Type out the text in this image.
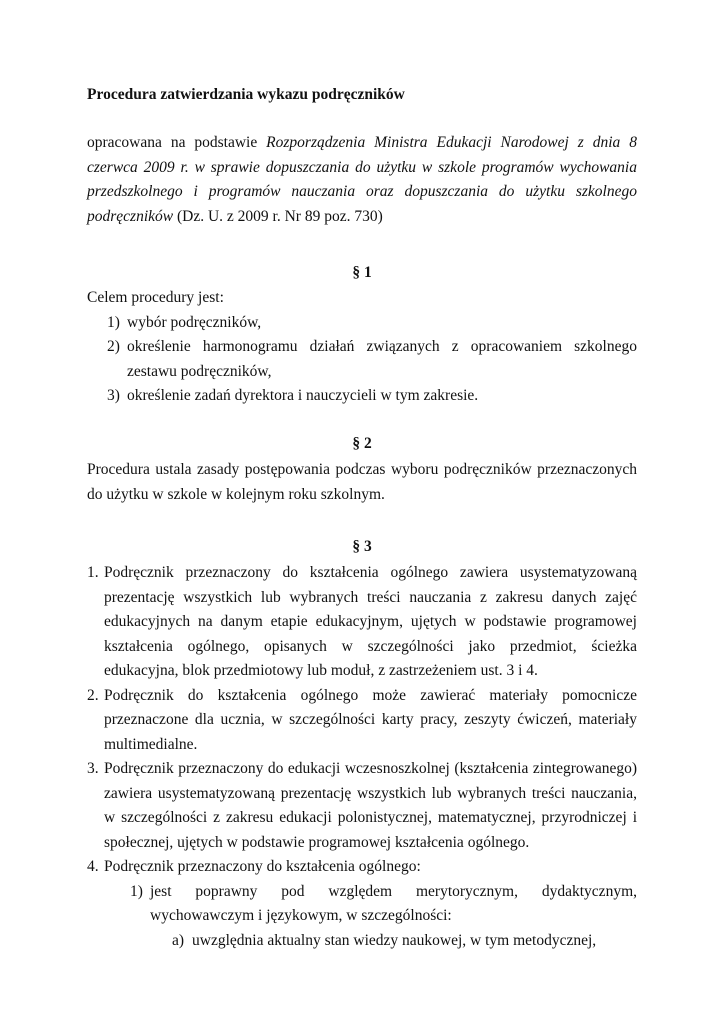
Procedura zatwierdzania wykazu podręczników
opracowana na podstawie Rozporządzenia Ministra Edukacji Narodowej z dnia 8 czerwca 2009 r. w sprawie dopuszczania do użytku w szkole programów wychowania przedszkolnego i programów nauczania oraz dopuszczania do użytku szkolnego podręczników (Dz. U. z 2009 r. Nr 89 poz. 730)
§ 1
Celem procedury jest:
1) wybór podręczników,
2) określenie harmonogramu działań związanych z opracowaniem szkolnego zestawu podręczników,
3) określenie zadań dyrektora i nauczycieli w tym zakresie.
§ 2
Procedura ustala zasady postępowania podczas wyboru podręczników przeznaczonych do użytku w szkole w kolejnym roku szkolnym.
§ 3
1. Podręcznik przeznaczony do kształcenia ogólnego zawiera usystematyzowaną prezentację wszystkich lub wybranych treści nauczania z zakresu danych zajęć edukacyjnych na danym etapie edukacyjnym, ujętych w podstawie programowej kształcenia ogólnego, opisanych w szczególności jako przedmiot, ścieżka edukacyjna, blok przedmiotowy lub moduł, z zastrzeżeniem ust. 3 i 4.
2. Podręcznik do kształcenia ogólnego może zawierać materiały pomocnicze przeznaczone dla ucznia, w szczególności karty pracy, zeszyty ćwiczeń, materiały multimedialne.
3. Podręcznik przeznaczony do edukacji wczesnoszkolnej (kształcenia zintegrowanego) zawiera usystematyzowaną prezentację wszystkich lub wybranych treści nauczania, w szczególności z zakresu edukacji polonistycznej, matematycznej, przyrodniczej i społecznej, ujętych w podstawie programowej kształcenia ogólnego.
4. Podręcznik przeznaczony do kształcenia ogólnego:
1) jest poprawny pod względem merytorycznym, dydaktycznym, wychowawczym i językowym, w szczególności:
a) uwzględnia aktualny stan wiedzy naukowej, w tym metodycznej,
